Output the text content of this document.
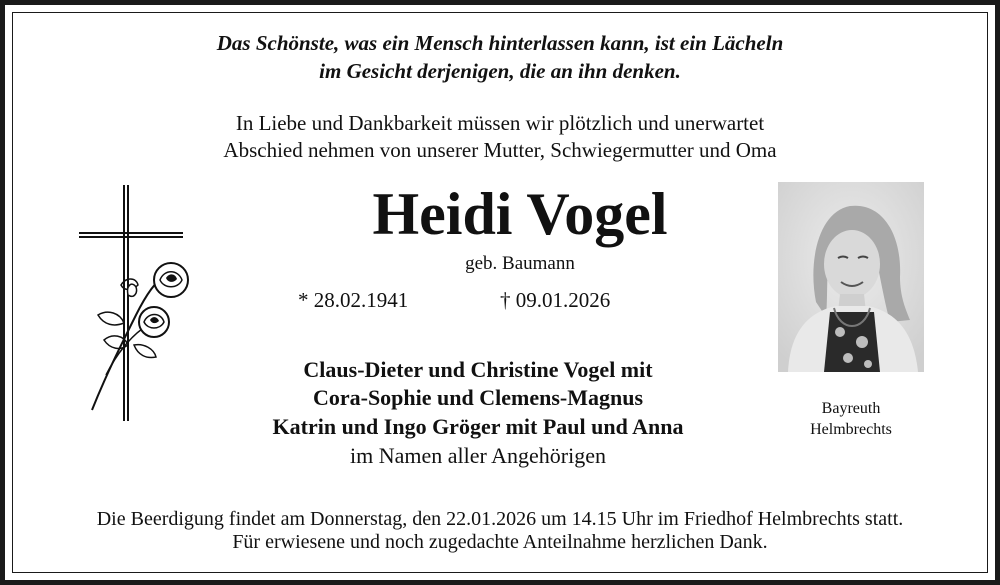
Das Schönste, was ein Mensch hinterlassen kann, ist ein Lächeln
im Gesicht derjenigen, die an ihn denken.
In Liebe und Dankbarkeit müssen wir plötzlich und unerwartet
Abschied nehmen von unserer Mutter, Schwiegermutter und Oma
Heidi Vogel
geb. Baumann
* 28.02.1941	† 09.01.2026
Claus-Dieter und Christine Vogel mit
Cora-Sophie und Clemens-Magnus
Katrin und Ingo Gröger mit Paul und Anna
im Namen aller Angehörigen
Bayreuth
Helmbrechts
Die Beerdigung findet am Donnerstag, den 22.01.2026 um 14.15 Uhr im Friedhof Helmbrechts statt.
Für erwiesene und noch zugedachte Anteilnahme herzlichen Dank.
